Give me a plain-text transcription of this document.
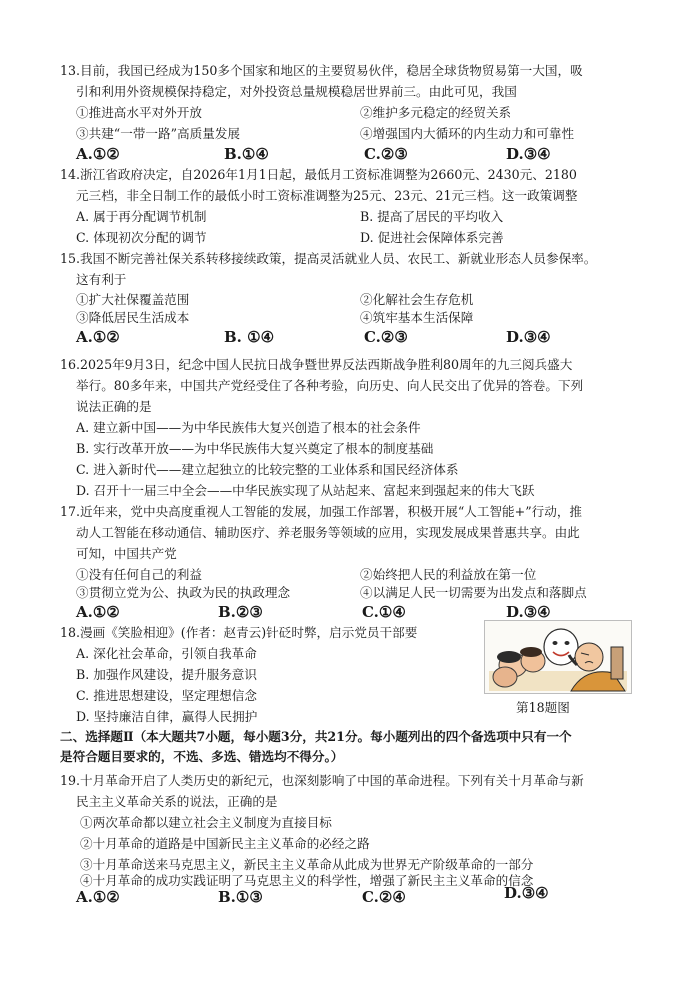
13.目前，我国已经成为150多个国家和地区的主要贸易伙伴，稳居全球货物贸易第一大国，吸
引和利用外资规模保持稳定，对外投资总量规模稳居世界前三。由此可见，我国
①推进高水平对外开放	②维护多元稳定的经贸关系
③共建“一带一路”高质量发展	④增强国内大循环的内生动力和可靠性
A.①②	B.①④	C.②③	D.③④
14.浙江省政府决定，自2026年1月1日起，最低月工资标准调整为2660元、2430元、2180
元三档，非全日制工作的最低小时工资标准调整为25元、23元、21元三档。这一政策调整
A. 属于再分配调节机制	B. 提高了居民的平均收入
C. 体现初次分配的调节	D. 促进社会保障体系完善
15.我国不断完善社保关系转移接续政策，提高灵活就业人员、农民工、新就业形态人员参保率。
这有利于
①扩大社保覆盖范围	②化解社会生存危机
③降低居民生活成本	④筑牢基本生活保障
A.①②	B. ①④	C.②③	D.③④
16.2025年9月3日，纪念中国人民抗日战争暨世界反法西斯战争胜利80周年的九三阅兵盛大
举行。80多年来，中国共产党经受住了各种考验，向历史、向人民交出了优异的答卷。下列
说法正确的是
A. 建立新中国——为中华民族伟大复兴创造了根本的社会条件
B. 实行改革开放——为中华民族伟大复兴奠定了根本的制度基础
C. 进入新时代——建立起独立的比较完整的工业体系和国民经济体系
D. 召开十一届三中全会——中华民族实现了从站起来、富起来到强起来的伟大飞跃
17.近年来，党中央高度重视人工智能的发展，加强工作部署，积极开展“人工智能+”行动，推
动人工智能在移动通信、辅助医疗、养老服务等领域的应用，实现发展成果普惠共享。由此
可知，中国共产党
①没有任何自己的利益	②始终把人民的利益放在第一位
③贯彻立党为公、执政为民的执政理念	④以满足人民一切需要为出发点和落脚点
A.①②	B.②③	C.①④	D.③④
18.漫画《笑脸相迎》(作者：赵青云)针砭时弊，启示党员干部要
A. 深化社会革命，引领自我革命
B. 加强作风建设，提升服务意识
C. 推进思想建设，坚定理想信念
D. 坚持廉洁自律，赢得人民拥护
第18题图
二、选择题Ⅱ（本大题共7小题，每小题3分，共21分。每小题列出的四个备选项中只有一个
是符合题目要求的，不选、多选、错选均不得分。）
19.十月革命开启了人类历史的新纪元，也深刻影响了中国的革命进程。下列有关十月革命与新
民主主义革命关系的说法，正确的是
①两次革命都以建立社会主义制度为直接目标
②十月革命的道路是中国新民主主义革命的必经之路
③十月革命送来马克思主义，新民主主义革命从此成为世界无产阶级革命的一部分
④十月革命的成功实践证明了马克思主义的科学性，增强了新民主主义革命的信念
A.①②	B.①③	C.②④	D.③④
